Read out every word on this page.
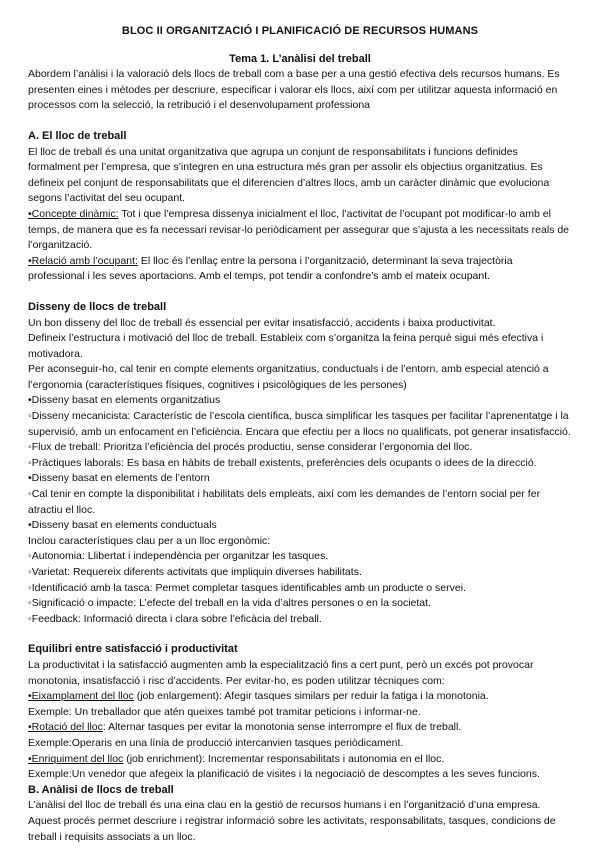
BLOC II ORGANITZACIÓ I PLANIFICACIÓ DE RECURSOS HUMANS
Tema 1. L’anàlisi del treball

Abordem l’anàlisi i la valoració dels llocs de treball com a base per a una gestió efectiva dels recursos humans. Es presenten eines i mètodes per descriure, especificar i valorar els llocs, així com per utilitzar aquesta informació en processos com la selecció, la retribució i el desenvolupament professiona

A. El lloc de treball

El lloc de treball és una unitat organitzativa que agrupa un conjunt de responsabilitats i funcions definides formalment per l’empresa, que s’integren en una estructura més gran per assolir els objectius organitzatius. Es defineix pel conjunt de responsabilitats que el diferencien d’altres llocs, amb un caràcter dinàmic que evoluciona segons l’activitat del seu ocupant.

•Concepte dinàmic: Tot i que l’empresa dissenya inicialment el lloc, l’activitat de l’ocupant pot modificar-lo amb el temps, de manera que es fa necessari revisar-lo periòdicament per assegurar que s’ajusta a les necessitats reals de l’organització.

•Relació amb l’ocupant: El lloc és l’enllaç entre la persona i l’organització, determinant la seva trajectòria professional i les seves aportacions. Amb el temps, pot tendir a confondre’s amb el mateix ocupant.

Disseny de llocs de treball

Un bon disseny del lloc de treball és essencial per evitar insatisfacció, accidents i baixa productivitat.

Defineix l’estructura i motivació del lloc de treball. Estableix com s’organitza la feina perquè sigui més efectiva i motivadora.

Per aconseguir-ho, cal tenir en compte elements organitzatius, conductuals i de l’entorn, amb especial atenció a l’ergonomia (característiques físiques, cognitives i psicològiques de les persones)

•Disseny basat en elements organitzatius

◦Disseny mecanicista: Característic de l’escola científica, busca simplificar les tasques per facilitar l’aprenentatge i la supervisió, amb un enfocament en l’eficiència. Encara que efectiu per a llocs no qualificats, pot generar insatisfacció.

◦Flux de treball: Prioritza l’eficiència del procés productiu, sense considerar l’ergonomia del lloc.

◦Pràctiques laborals: Es basa en hàbits de treball existents, preferències dels ocupants o idees de la direcció.

•Disseny basat en elements de l’entorn

◦Cal tenir en compte la disponibilitat i habilitats dels empleats, així com les demandes de l’entorn social per fer atractiu el lloc.

•Disseny basat en elements conductuals

Inclou característiques clau per a un lloc ergonòmic:

◦Autonomia: Llibertat i independència per organitzar les tasques.

◦Varietat: Requereix diferents activitats que impliquin diverses habilitats.

◦Identificació amb la tasca: Permet completar tasques identificables amb un producte o servei.

◦Significació o impacte: L’efecte del treball en la vida d’altres persones o en la societat.

◦Feedback: Informació directa i clara sobre l’eficàcia del treball.

Equilibri entre satisfacció i productivitat

La productivitat i la satisfacció augmenten amb la especialització fins a cert punt, però un excés pot provocar monotonia, insatisfacció i risc d’accidents. Per evitar-ho, es poden utilitzar tècniques com:

•Eixamplament del lloc (job enlargement): Afegir tasques similars per reduir la fatiga i la monotonia.

Exemple: Un treballador que atén queixes també pot tramitar peticions i informar-ne.

•Rotació del lloc: Alternar tasques per evitar la monotonia sense interrompre el flux de treball.

Exemple:Operaris en una línia de producció intercanvien tasques periòdicament.

•Enriquiment del lloc (job enrichment): Incrementar responsabilitats i autonomia en el lloc.

Exemple:Un venedor que afegeix la planificació de visites i la negociació de descomptes a les seves funcions.

B. Anàlisi de llocs de treball

L’anàlisi del lloc de treball és una eina clau en la gestió de recursos humans i en l’organització d’una empresa. Aquest procés permet descriure i registrar informació sobre les activitats, responsabilitats, tasques, condicions de treball i requisits associats a un lloc.
